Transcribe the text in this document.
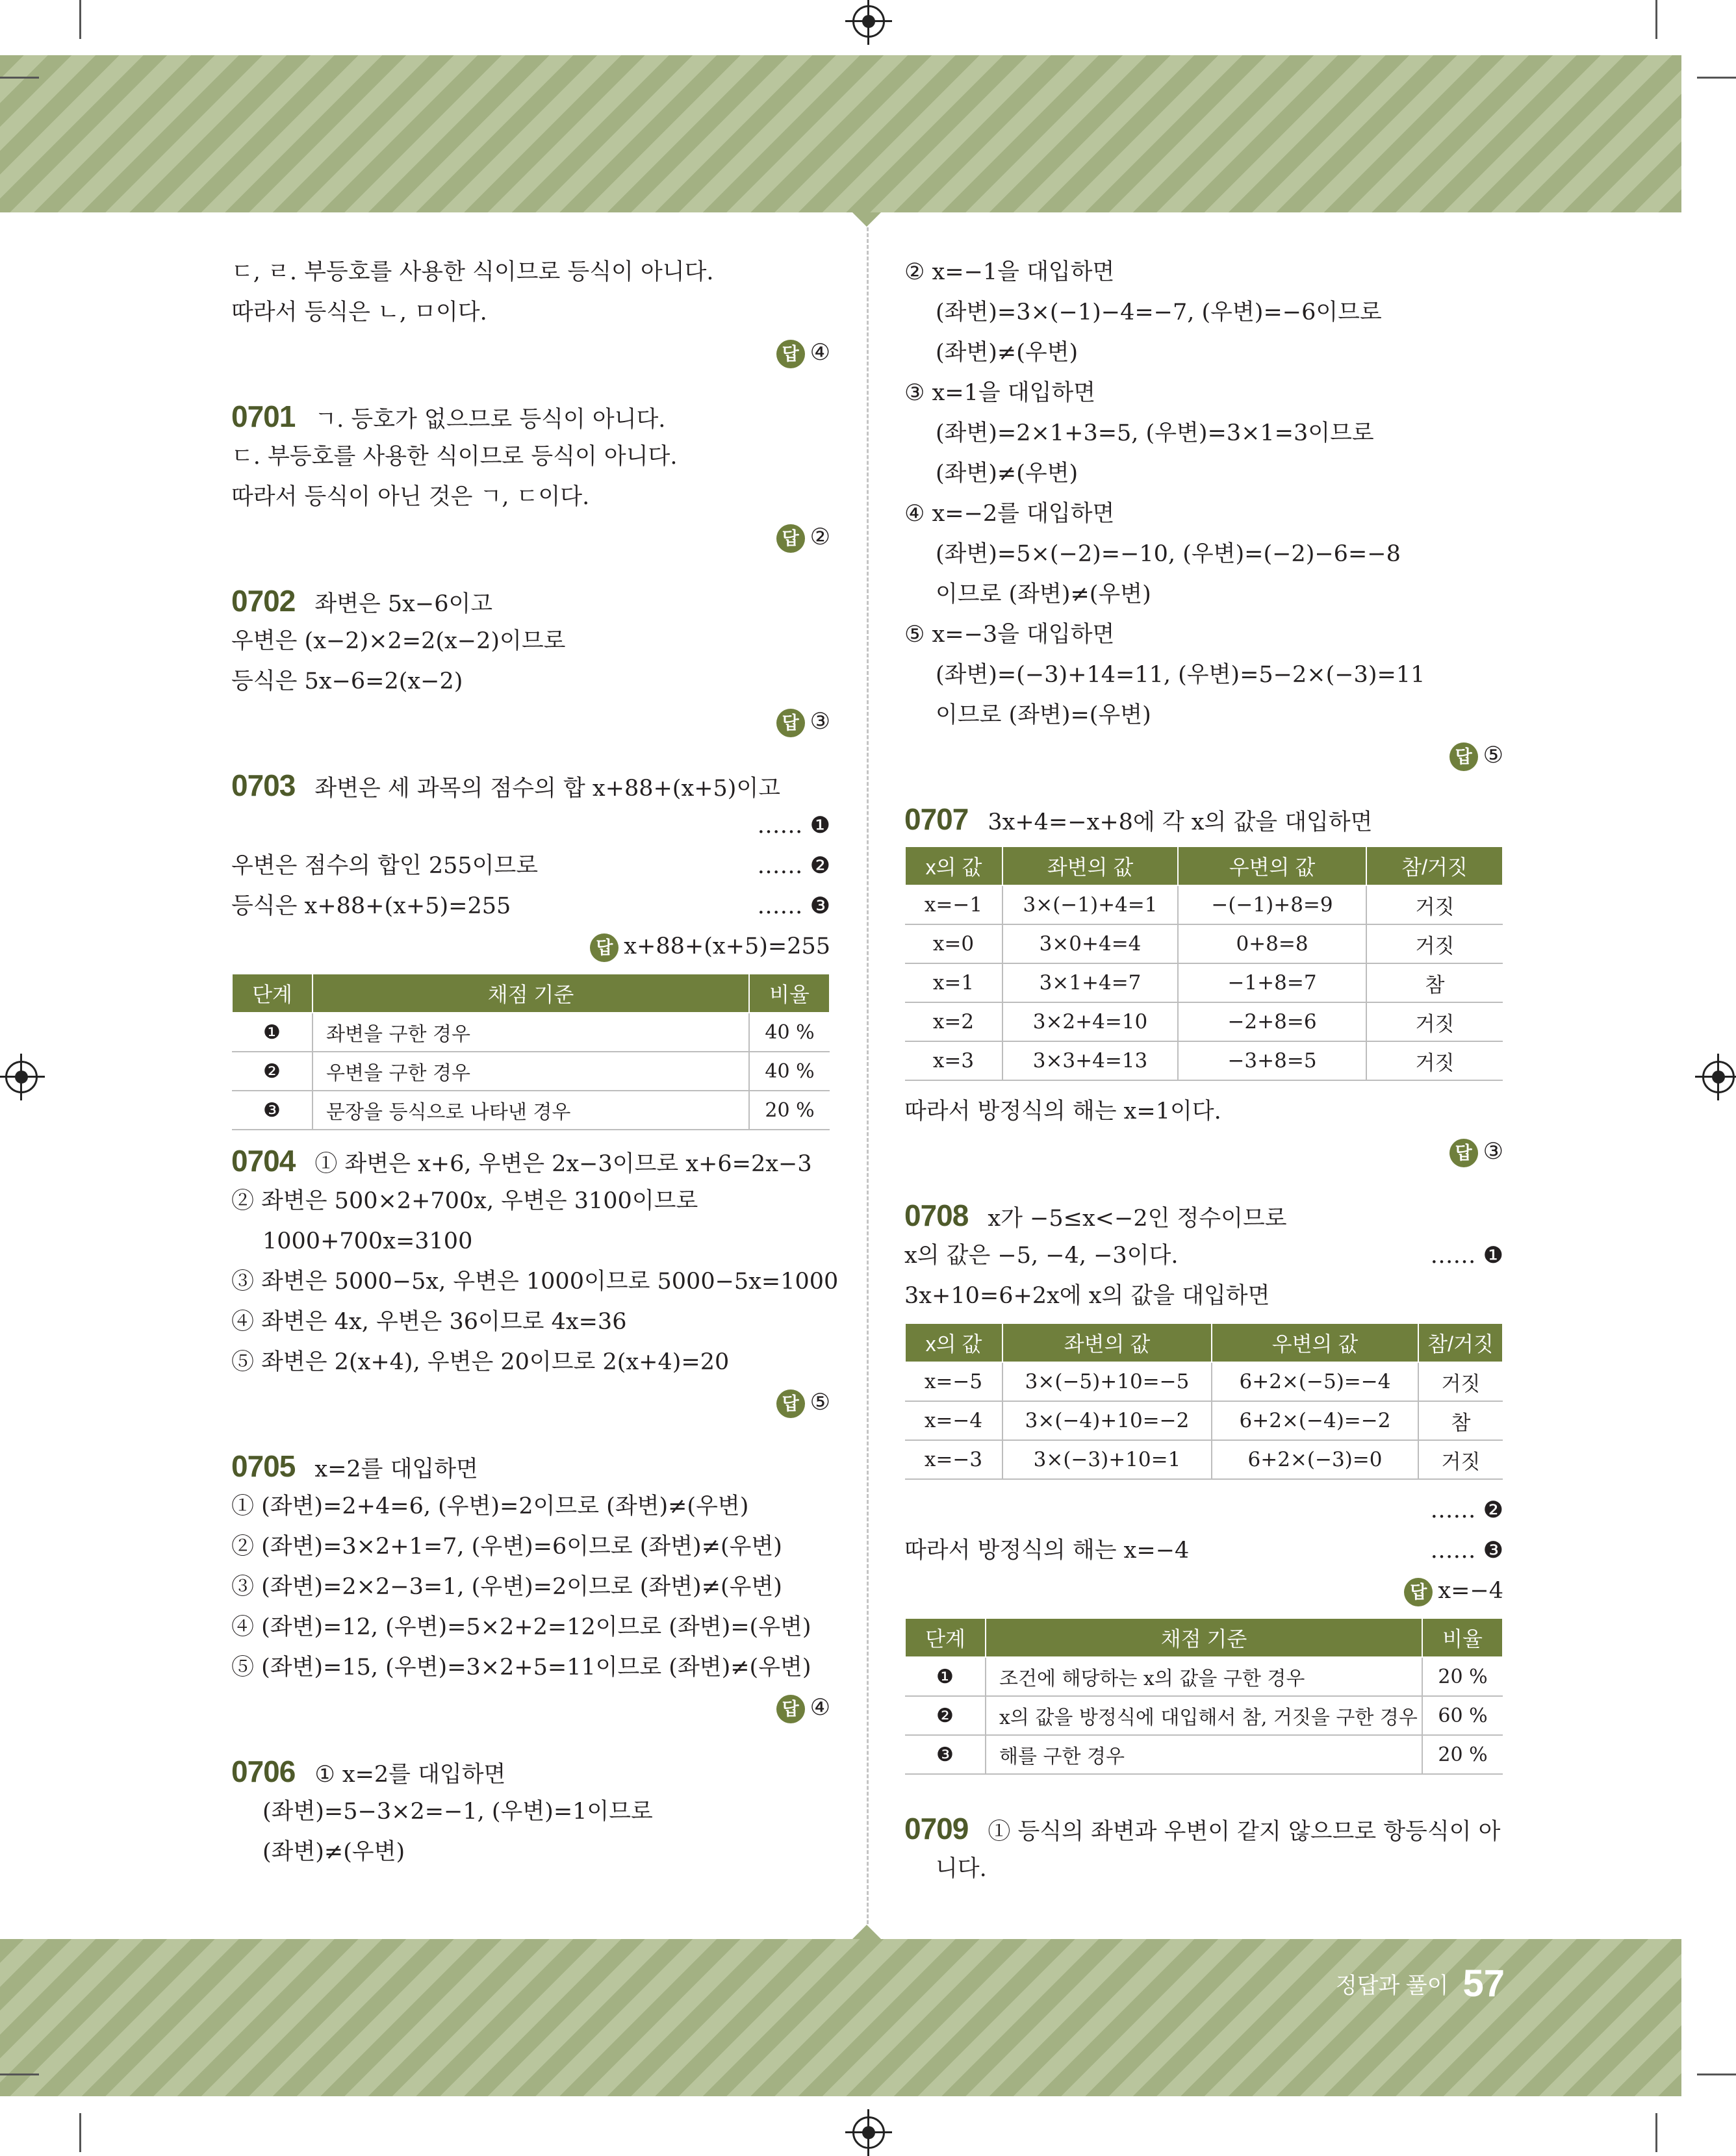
ㄷ, ㄹ. 부등호를 사용한 식이므로 등식이 아니다.
따라서 등식은 ㄴ, ㅁ이다.
답 ④
0701 ㄱ. 등호가 없으므로 등식이 아니다.
ㄷ. 부등호를 사용한 식이므로 등식이 아니다.
따라서 등식이 아닌 것은 ㄱ, ㄷ이다.
답 ②
0702 좌변은 5x−6이고
우변은 (x−2)×2=2(x−2)이므로
등식은 5x−6=2(x−2)
답 ③
0703 좌변은 세 과목의 점수의 합 x+88+(x+5)이고
…… ❶
우변은 점수의 합인 255이므로	…… ❷
등식은 x+88+(x+5)=255	…… ❸
답 x+88+(x+5)=255
단계	채점 기준	비율
❶	좌변을 구한 경우	40 %
❷	우변을 구한 경우	40 %
❸	문장을 등식으로 나타낸 경우	20 %
0704 ① 좌변은 x+6, 우변은 2x−3이므로 x+6=2x−3
② 좌변은 500×2+700x, 우변은 3100이므로
1000+700x=3100
③ 좌변은 5000−5x, 우변은 1000이므로 5000−5x=1000
④ 좌변은 4x, 우변은 36이므로 4x=36
⑤ 좌변은 2(x+4), 우변은 20이므로 2(x+4)=20
답 ⑤
0705 x=2를 대입하면
① (좌변)=2+4=6, (우변)=2이므로 (좌변)≠(우변)
② (좌변)=3×2+1=7, (우변)=6이므로 (좌변)≠(우변)
③ (좌변)=2×2−3=1, (우변)=2이므로 (좌변)≠(우변)
④ (좌변)=12, (우변)=5×2+2=12이므로 (좌변)=(우변)
⑤ (좌변)=15, (우변)=3×2+5=11이므로 (좌변)≠(우변)
답 ④
0706 ① x=2를 대입하면
(좌변)=5−3×2=−1, (우변)=1이므로
(좌변)≠(우변)
② x=−1을 대입하면
(좌변)=3×(−1)−4=−7, (우변)=−6이므로
(좌변)≠(우변)
③ x=1을 대입하면
(좌변)=2×1+3=5, (우변)=3×1=3이므로
(좌변)≠(우변)
④ x=−2를 대입하면
(좌변)=5×(−2)=−10, (우변)=(−2)−6=−8
이므로 (좌변)≠(우변)
⑤ x=−3을 대입하면
(좌변)=(−3)+14=11, (우변)=5−2×(−3)=11
이므로 (좌변)=(우변)
답 ⑤
0707 3x+4=−x+8에 각 x의 값을 대입하면
x의 값	좌변의 값	우변의 값	참/거짓
x=−1	3×(−1)+4=1	−(−1)+8=9	거짓
x=0	3×0+4=4	0+8=8	거짓
x=1	3×1+4=7	−1+8=7	참
x=2	3×2+4=10	−2+8=6	거짓
x=3	3×3+4=13	−3+8=5	거짓
따라서 방정식의 해는 x=1이다.
답 ③
0708 x가 −5≤x<−2인 정수이므로
x의 값은 −5, −4, −3이다.	…… ❶
3x+10=6+2x에 x의 값을 대입하면
x의 값	좌변의 값	우변의 값	참/거짓
x=−5	3×(−5)+10=−5	6+2×(−5)=−4	거짓
x=−4	3×(−4)+10=−2	6+2×(−4)=−2	참
x=−3	3×(−3)+10=1	6+2×(−3)=0	거짓
…… ❷
따라서 방정식의 해는 x=−4	…… ❸
답 x=−4
단계	채점 기준	비율
❶	조건에 해당하는 x의 값을 구한 경우	20 %
❷	x의 값을 방정식에 대입해서 참, 거짓을 구한 경우	60 %
❸	해를 구한 경우	20 %
0709 ① 등식의 좌변과 우변이 같지 않으므로 항등식이 아
니다.
정답과 풀이 57
